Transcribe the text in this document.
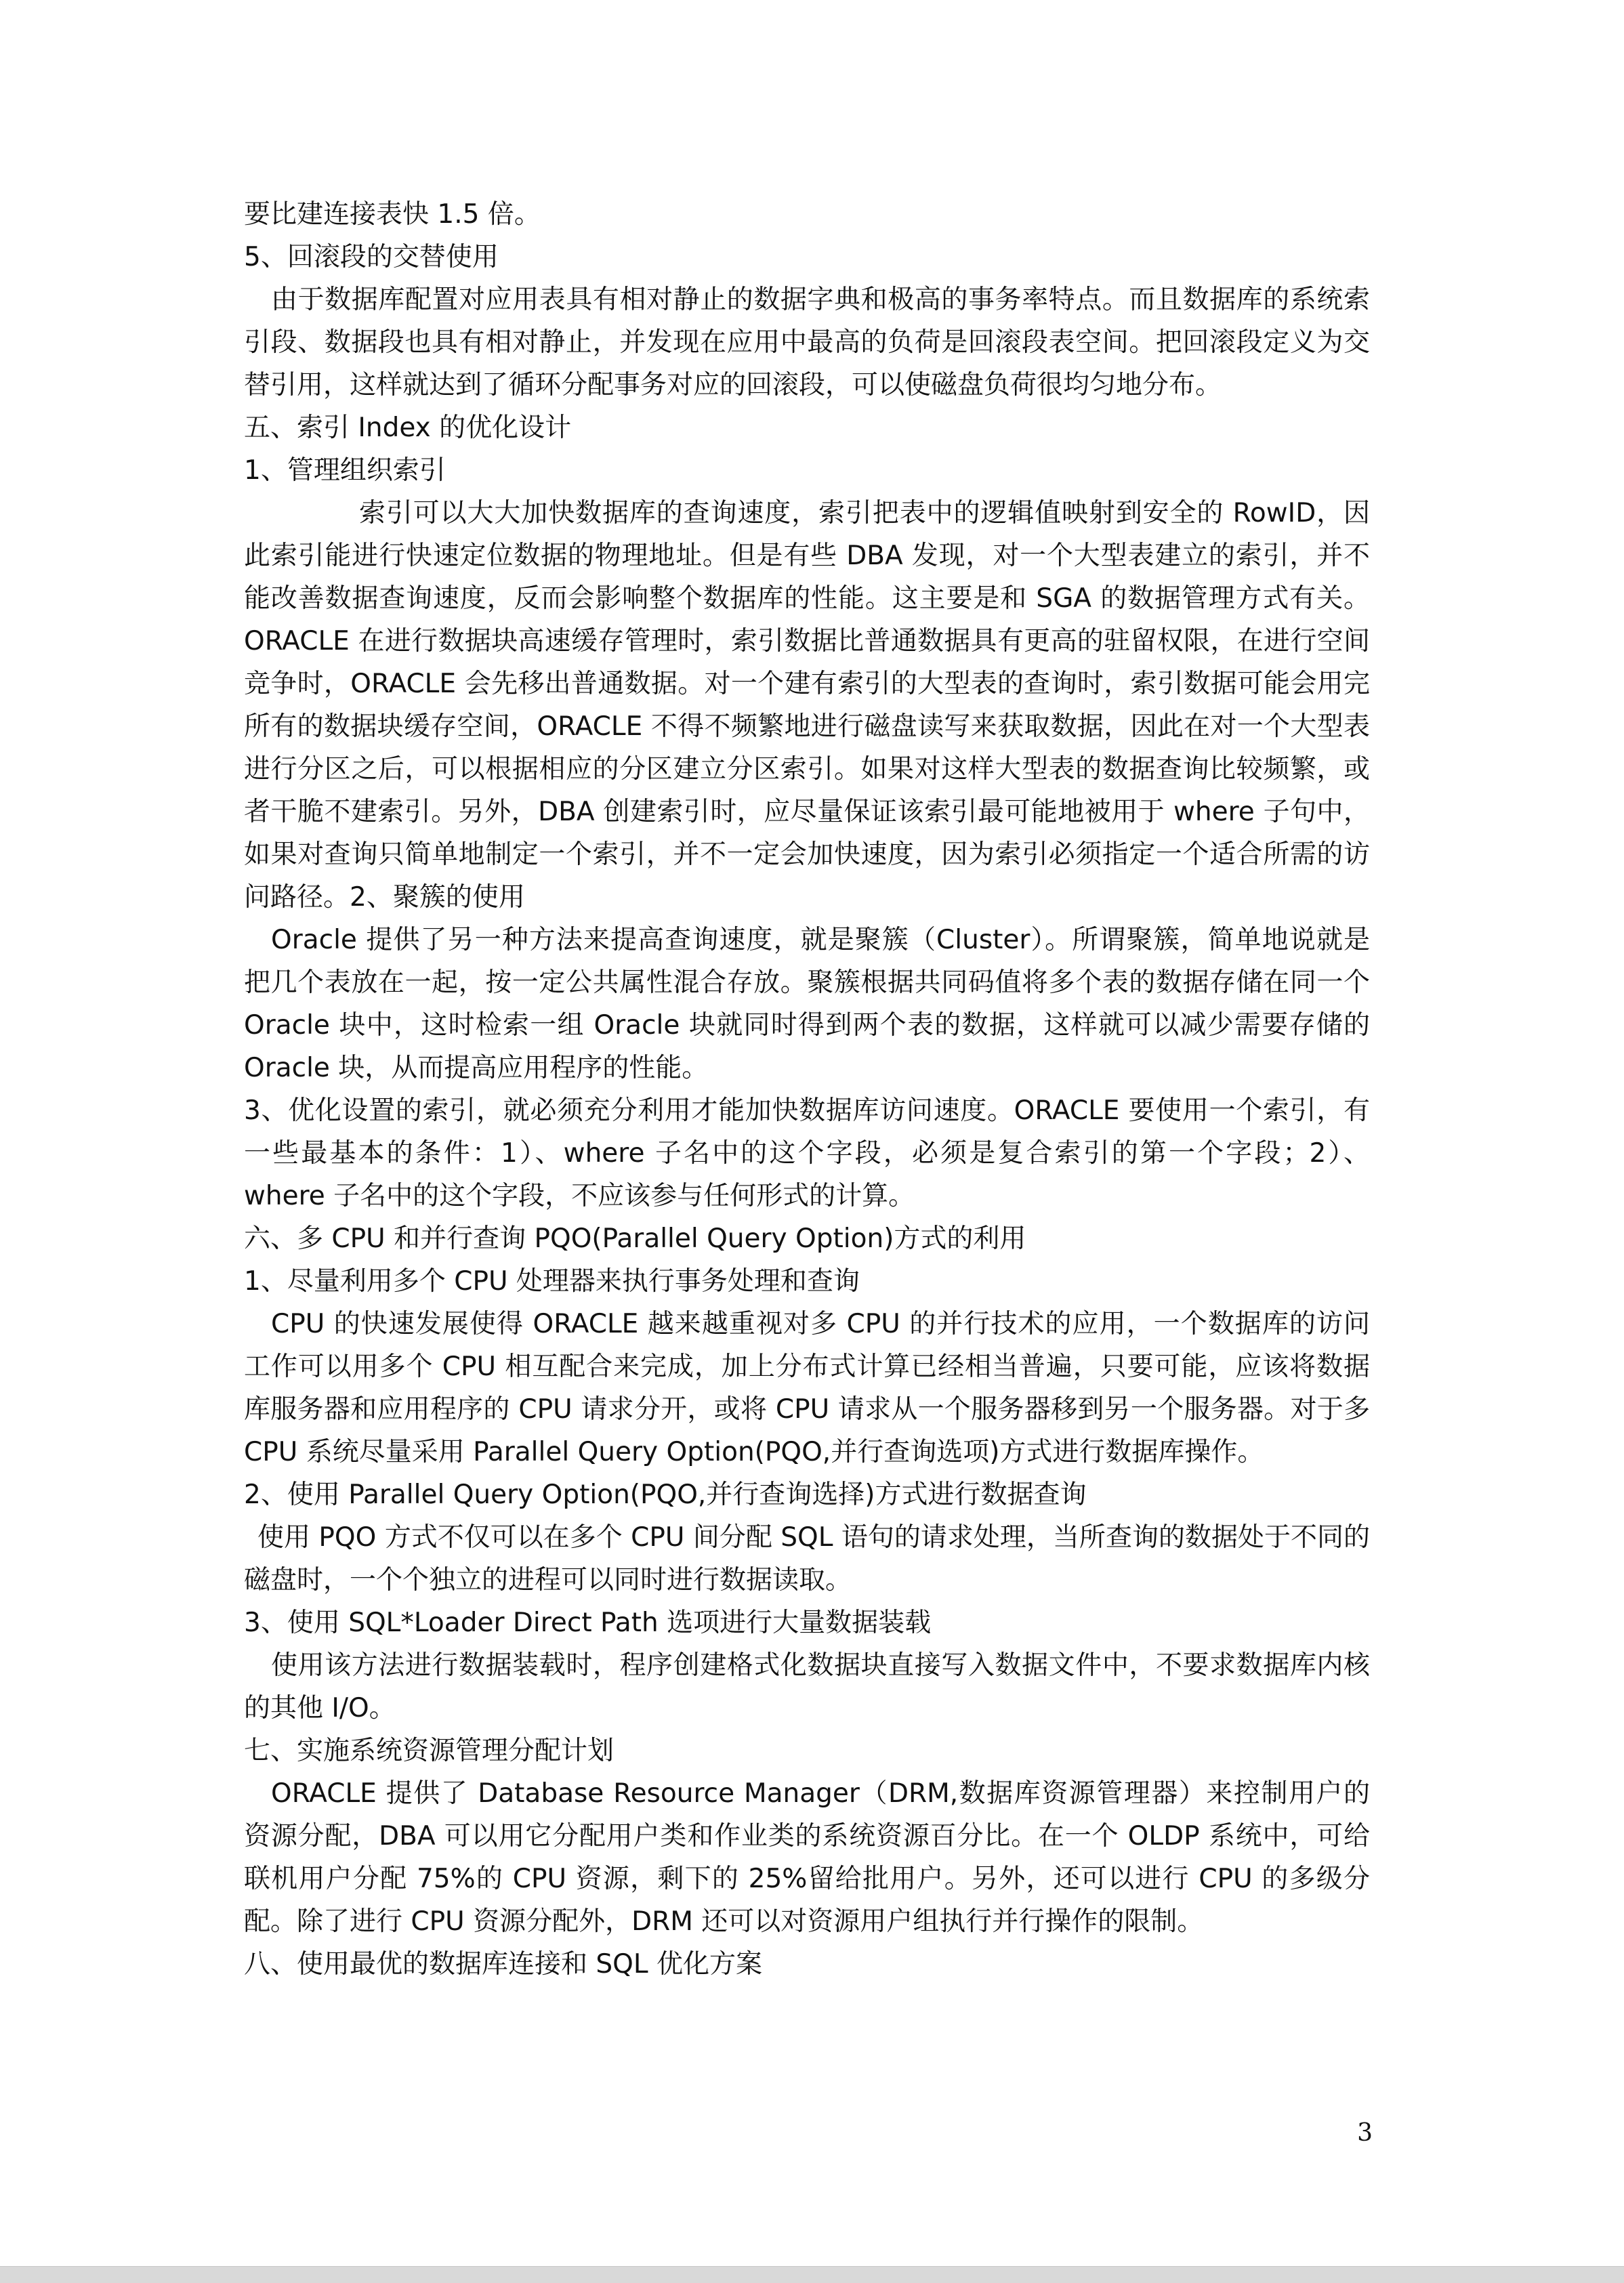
要比建连接表快 1.5 倍。

5、回滚段的交替使用

由于数据库配置对应用表具有相对静止的数据字典和极高的事务率特点。而且数据库的系统索引段、数据段也具有相对静止，并发现在应用中最高的负荷是回滚段表空间。把回滚段定义为交替引用，这样就达到了循环分配事务对应的回滚段，可以使磁盘负荷很均匀地分布。

五、索引 Index 的优化设计

1、管理组织索引

索引可以大大加快数据库的查询速度，索引把表中的逻辑值映射到安全的 RowID，因此索引能进行快速定位数据的物理地址。但是有些 DBA 发现，对一个大型表建立的索引，并不能改善数据查询速度，反而会影响整个数据库的性能。这主要是和 SGA 的数据管理方式有关。ORACLE 在进行数据块高速缓存管理时，索引数据比普通数据具有更高的驻留权限，在进行空间竞争时，ORACLE 会先移出普通数据。对一个建有索引的大型表的查询时，索引数据可能会用完所有的数据块缓存空间，ORACLE 不得不频繁地进行磁盘读写来获取数据，因此在对一个大型表进行分区之后，可以根据相应的分区建立分区索引。如果对这样大型表的数据查询比较频繁，或者干脆不建索引。另外，DBA 创建索引时，应尽量保证该索引最可能地被用于 where 子句中，如果对查询只简单地制定一个索引，并不一定会加快速度，因为索引必须指定一个适合所需的访问路径。2、聚簇的使用

Oracle 提供了另一种方法来提高查询速度，就是聚簇（Cluster）。所谓聚簇，简单地说就是把几个表放在一起，按一定公共属性混合存放。聚簇根据共同码值将多个表的数据存储在同一个 Oracle 块中，这时检索一组 Oracle 块就同时得到两个表的数据，这样就可以减少需要存储的 Oracle 块，从而提高应用程序的性能。

3、优化设置的索引，就必须充分利用才能加快数据库访问速度。ORACLE 要使用一个索引，有一些最基本的条件：1）、where 子名中的这个字段，必须是复合索引的第一个字段；2）、where 子名中的这个字段，不应该参与任何形式的计算。

六、多 CPU 和并行查询 PQO(Parallel Query Option)方式的利用

1、尽量利用多个 CPU 处理器来执行事务处理和查询

CPU 的快速发展使得 ORACLE 越来越重视对多 CPU 的并行技术的应用，一个数据库的访问工作可以用多个 CPU 相互配合来完成，加上分布式计算已经相当普遍，只要可能，应该将数据库服务器和应用程序的 CPU 请求分开，或将 CPU 请求从一个服务器移到另一个服务器。对于多 CPU 系统尽量采用 Parallel Query Option(PQO,并行查询选项)方式进行数据库操作。

2、使用 Parallel Query Option(PQO,并行查询选择)方式进行数据查询

使用 PQO 方式不仅可以在多个 CPU 间分配 SQL 语句的请求处理，当所查询的数据处于不同的磁盘时，一个个独立的进程可以同时进行数据读取。

3、使用 SQL*Loader Direct Path 选项进行大量数据装载

使用该方法进行数据装载时，程序创建格式化数据块直接写入数据文件中，不要求数据库内核的其他 I/O。

七、实施系统资源管理分配计划

ORACLE 提供了 Database Resource Manager（DRM,数据库资源管理器）来控制用户的资源分配，DBA 可以用它分配用户类和作业类的系统资源百分比。在一个 OLDP 系统中，可给联机用户分配 75%的 CPU 资源，剩下的 25%留给批用户。另外，还可以进行 CPU 的多级分配。除了进行 CPU 资源分配外，DRM 还可以对资源用户组执行并行操作的限制。

八、使用最优的数据库连接和 SQL 优化方案

3
